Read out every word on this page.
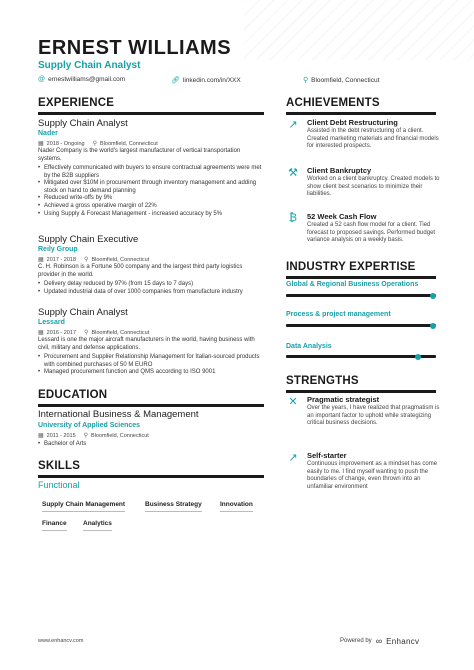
ERNEST WILLIAMS
Supply Chain Analyst
@ ernestwilliams@gmail.com	🔗︎ linkedin.com/in/XXX	⚲ Bloomfield, Connecticut
EXPERIENCE
Supply Chain Analyst
Nader
▦ 2018 - Ongoing ⚲ Bloomfield, Connecticut
Nader Company is the world's largest manufacturer of vertical transportation systems.
• Effectively communicated with buyers to ensure contractual agreements were met by the B2B suppliers
• Mitigated over $10M in procurement through inventory management and adding stock on hand to demand planning
• Reduced write-offs by 9%
• Achieved a gross operative margin of 22%
• Using Supply & Forecast Management - increased accuracy by 5%
Supply Chain Executive
Reily Group
▦ 2017 - 2018 ⚲ Bloomfield, Connecticut
C. H. Robinson is a Fortune 500 company and the largest third party logistics provider in the world.
• Delivery delay reduced by 97% (from 15 days to 7 days)
• Updated industrial data of over 1000 companies from manufacture industry
Supply Chain Analyst
Lessard
▦ 2016 - 2017 ⚲ Bloomfield, Connecticut
Lessard is one the major aircraft manufacturers in the world, having business with civil, military and defense applications.
• Procurement and Supplier Relationship Management for Italian-sourced products with combined purchases of 50 M EURO
• Managed procurement function and QMS according to ISO 9001
EDUCATION
International Business & Management
University of Applied Sciences
▦ 2011 - 2015 ⚲ Bloomfield, Connecticut
• Bachelor of Arts
SKILLS
Functional
Supply Chain Management	Business Strategy	Innovation
Finance	Analytics
ACHIEVEMENTS
↗	Client Debt Restructuring
Assisted in the debt restructuring of a client. Created marketing materials and financial models for interested prospects.
⚒ Client Bankruptcy
Worked on a client bankruptcy. Created models to show client best scenarios to minimize their liabilities.
₿	52 Week Cash Flow
Created a 52 cash flow model for a client. Tied forecast to proposed savings. Performed budget variance analysis on a weekly basis.
INDUSTRY EXPERTISE
Global & Regional Business Operations
Process & project management
Data Analysis
STRENGTHS
✕	Pragmatic strategist
Over the years, I have realized that pragmatism is an important factor to uphold while strategizing critical business decisions.
↗	Self-starter
Continuous improvement as a mindset has come easily to me. I find myself wanting to push the boundaries of change, even thrown into an unfamiliar environment
www.enhancv.com	Powered by ∞ Enhancv
